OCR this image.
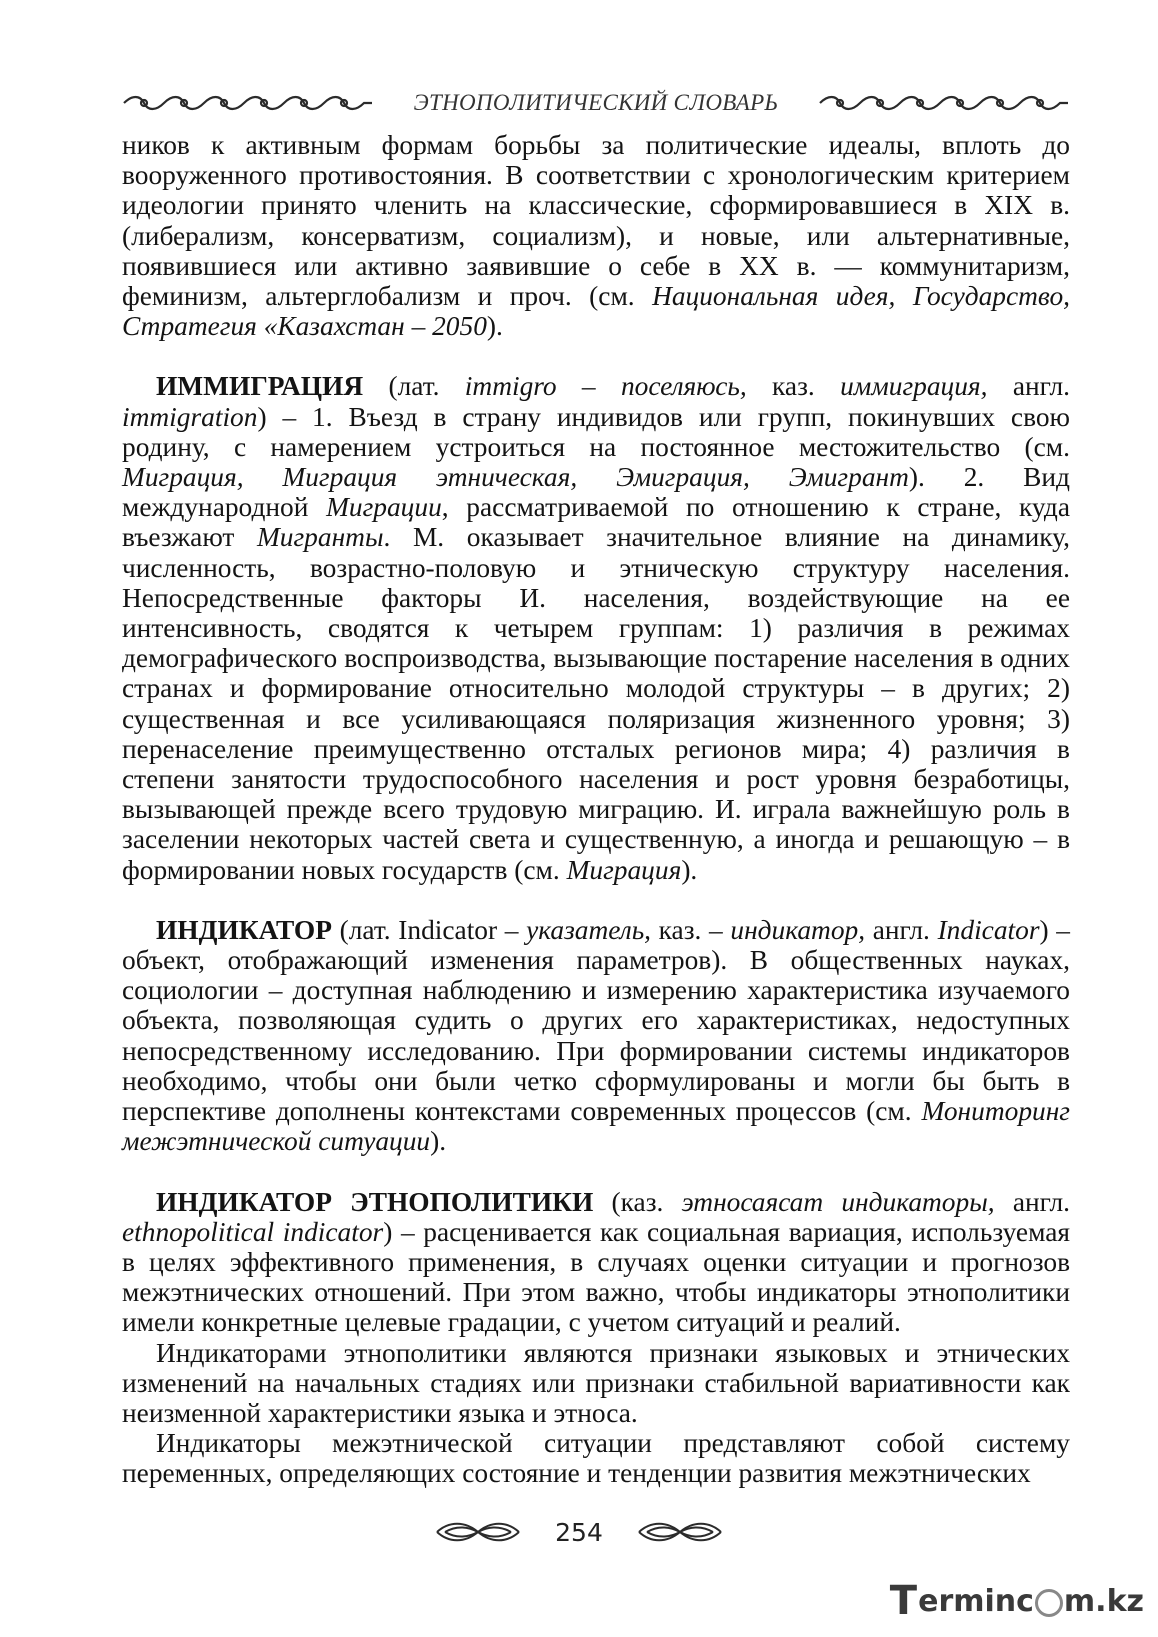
ЭТНОПОЛИТИЧЕСКИЙ СЛОВАРЬ

ников к активным формам борьбы за политические идеалы, вплоть до вооруженного противостояния. В соответствии с хронологическим критерием идеологии принято членить на классические, сформировавшиеся в XIX в. (либерализм, консерватизм, социализм), и новые, или альтернативные, появившиеся или активно заявившие о себе в XX в. — коммунитаризм, феминизм, альтерглобализм и проч. (см. Национальная идея, Государство, Стратегия «Казахстан – 2050).

ИММИГРАЦИЯ (лат. immigro – поселяюсь, каз. иммиграция, англ. immigration) – 1. Въезд в страну индивидов или групп, покинувших свою родину, с намерением устроиться на постоянное местожительство (см. Миграция, Миграция этническая, Эмиграция, Эмигрант). 2. Вид международной Миграции, рассматриваемой по отношению к стране, куда въезжают Мигранты. М. оказывает значительное влияние на динамику, численность, возрастно-половую и этническую структуру населения. Непосредственные факторы И. населения, воздействующие на ее интенсивность, сводятся к четырем группам: 1) различия в режимах демографического воспроизводства, вызывающие постарение населения в одних странах и формирование относительно молодой структуры – в других; 2) существенная и все усиливающаяся поляризация жизненного уровня; 3) перенаселение преимущественно отсталых регионов мира; 4) различия в степени занятости трудоспособного населения и рост уровня безработицы, вызывающей прежде всего трудовую миграцию. И. играла важнейшую роль в заселении некоторых частей света и существенную, а иногда и решающую – в формировании новых государств (см. Миграция).

ИНДИКАТОР (лат. Indicator – указатель, каз. – индикатор, англ. Indicator) – объект, отображающий изменения параметров). В общественных науках, социологии – доступная наблюдению и измерению характеристика изучаемого объекта, позволяющая судить о других его характеристиках, недоступных непосредственному исследованию. При формировании системы индикаторов необходимо, чтобы они были четко сформулированы и могли бы быть в перспективе дополнены контекстами современных процессов (см. Мониторинг межэтнической ситуации).

ИНДИКАТОР ЭТНОПОЛИТИКИ (каз. этносаясат индикаторы, англ. ethnopolitical indicator) – расценивается как социальная вариация, используемая в целях эффективного применения, в случаях оценки ситуации и прогнозов межэтнических отношений. Пpи этом важно, чтобы индикаторы этнополитики имели конкретные целевые градации, с учетом ситуаций и реалий.

Индикаторами этнополитики являются признаки языковых и этнических изменений на начальных стадиях или признаки стабильной вариативности как неизменной характеристики языка и этноса.

Индикаторы межэтнической ситуации представляют собой систему переменных, определяющих состояние и тенденции развития межэтнических

254
T erminc m.kz
